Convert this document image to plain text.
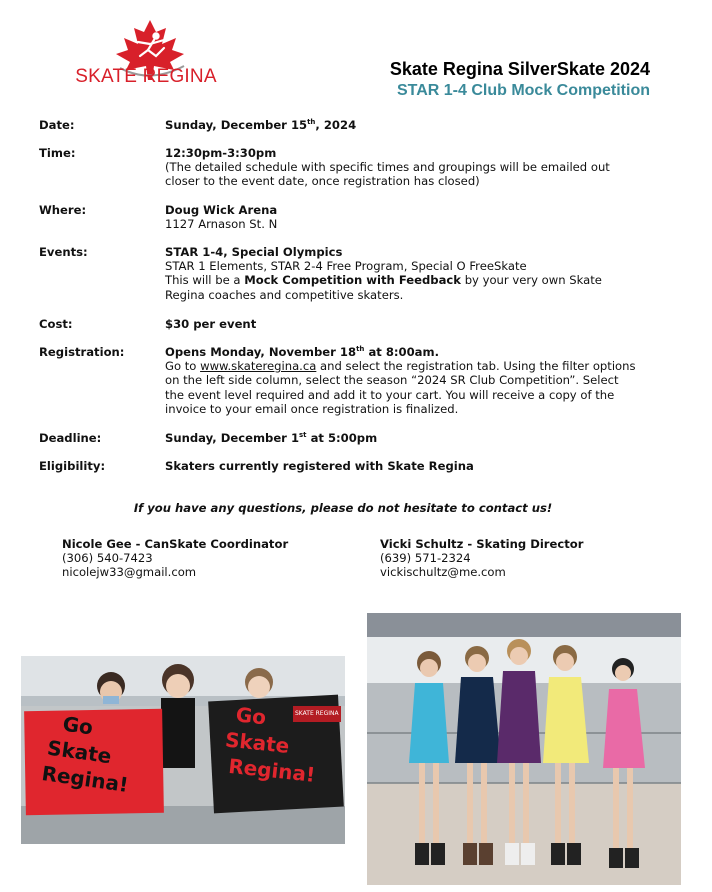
SKATE REGINA	Skate Regina SilverSkate 2024
STAR 1-4 Club Mock Competition
Date:	Sunday, December 15th, 2024
Time:	12:30pm-3:30pm
(The detailed schedule with specific times and groupings will be emailed out
closer to the event date, once registration has closed)
Where:	Doug Wick Arena
1127 Arnason St. N
Events:	STAR 1-4, Special Olympics
STAR 1 Elements, STAR 2-4 Free Program, Special O FreeSkate
This will be a Mock Competition with Feedback by your very own Skate
Regina coaches and competitive skaters.
Cost:	$30 per event
Registration:	Opens Monday, November 18th at 8:00am.
Go to www.skateregina.ca and select the registration tab. Using the filter options
on the left side column, select the season “2024 SR Club Competition”. Select
the event level required and add it to your cart. You will receive a copy of the
invoice to your email once registration is finalized.
Deadline:	Sunday, December 1st at 5:00pm
Eligibility:	Skaters currently registered with Skate Regina
If you have any questions, please do not hesitate to contact us!
Nicole Gee - CanSkate Coordinator
(306) 540-7423
nicolejw33@gmail.com
Vicki Schultz - Skating Director
(639) 571-2324
vickischultz@me.com
Go
Skate
Regina!
Go
Skate
Regina!
SKATE REGINA
